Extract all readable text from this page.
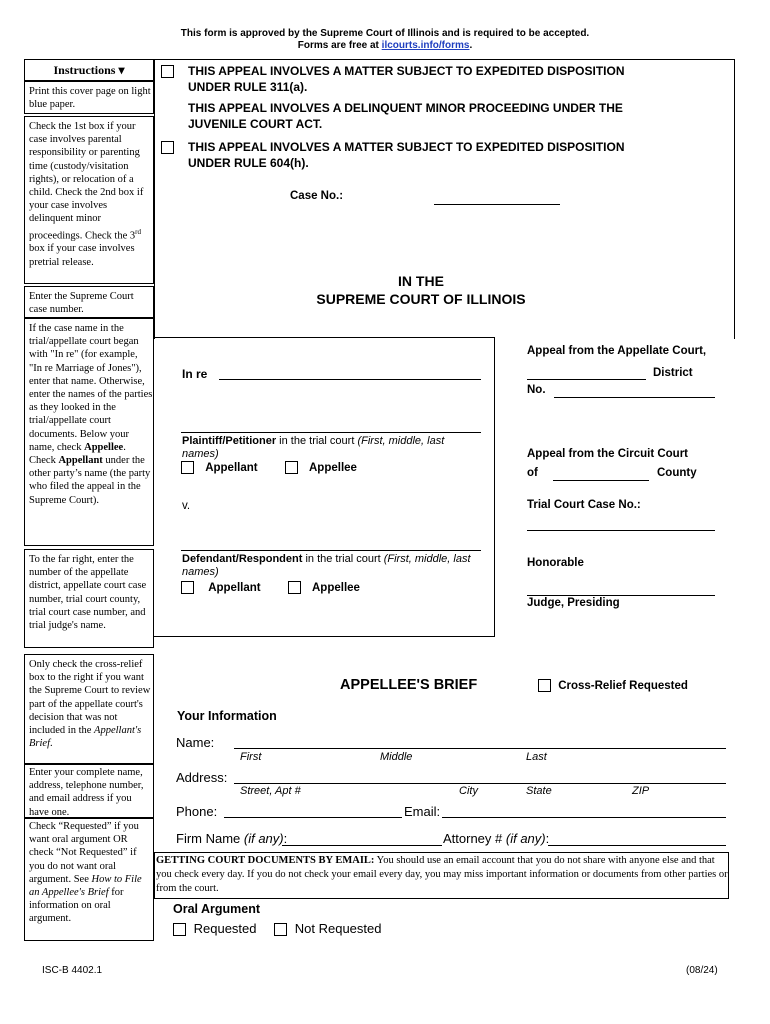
This form is approved by the Supreme Court of Illinois and is required to be accepted.
Forms are free at ilcourts.info/forms.
Instructions ▾
Print this cover page on light blue paper.
Check the 1st box if your case involves parental responsibility or parenting time (custody/visitation rights), or relocation of a child. Check the 2nd box if your case involves delinquent minor proceedings. Check the 3rd box if your case involves pretrial release.
Enter the Supreme Court case number.
If the case name in the trial/appellate court began with "In re" (for example, "In re Marriage of Jones"), enter that name. Otherwise, enter the names of the parties as they looked in the trial/appellate court documents. Below your name, check Appellee. Check Appellant under the other party’s name (the party who filed the appeal in the Supreme Court).
To the far right, enter the number of the appellate district, appellate court case number, trial court county, trial court case number, and trial judge's name.
Only check the cross-relief box to the right if you want the Supreme Court to review part of the appellate court's decision that was not included in the Appellant's Brief.
Enter your complete name, address, telephone number, and email address if you have one.
Check “Requested” if you want oral argument OR check “Not Requested” if you do not want oral argument. See How to File an Appellee's Brief for information on oral argument.
THIS APPEAL INVOLVES A MATTER SUBJECT TO EXPEDITED DISPOSITION UNDER RULE 311(a).
THIS APPEAL INVOLVES A DELINQUENT MINOR PROCEEDING UNDER THE JUVENILE COURT ACT.
THIS APPEAL INVOLVES A MATTER SUBJECT TO EXPEDITED DISPOSITION UNDER RULE 604(h).
Case No.:
IN THE
SUPREME COURT OF ILLINOIS
In re
Plaintiff/Petitioner in the trial court (First, middle, last names)
Appellant	Appellee
v.
Defendant/Respondent in the trial court (First, middle, last names)
Appellant	Appellee
Appeal from the Appellate Court,
District
No.
Appeal from the Circuit Court
of	County
Trial Court Case No.:
Honorable
Judge, Presiding
APPELLEE'S BRIEF	Cross-Relief Requested
Your Information
Name:
First	Middle	Last
Address:
Street, Apt #	City	State	ZIP
Phone:	Email:
Firm Name (if any):	Attorney # (if any):
GETTING COURT DOCUMENTS BY EMAIL: You should use an email account that you do not share with anyone else and that you check every day. If you do not check your email every day, you may miss important information or documents from other parties or from the court.
Oral Argument
Requested	Not Requested
ISC-B 4402.1	(08/24)
